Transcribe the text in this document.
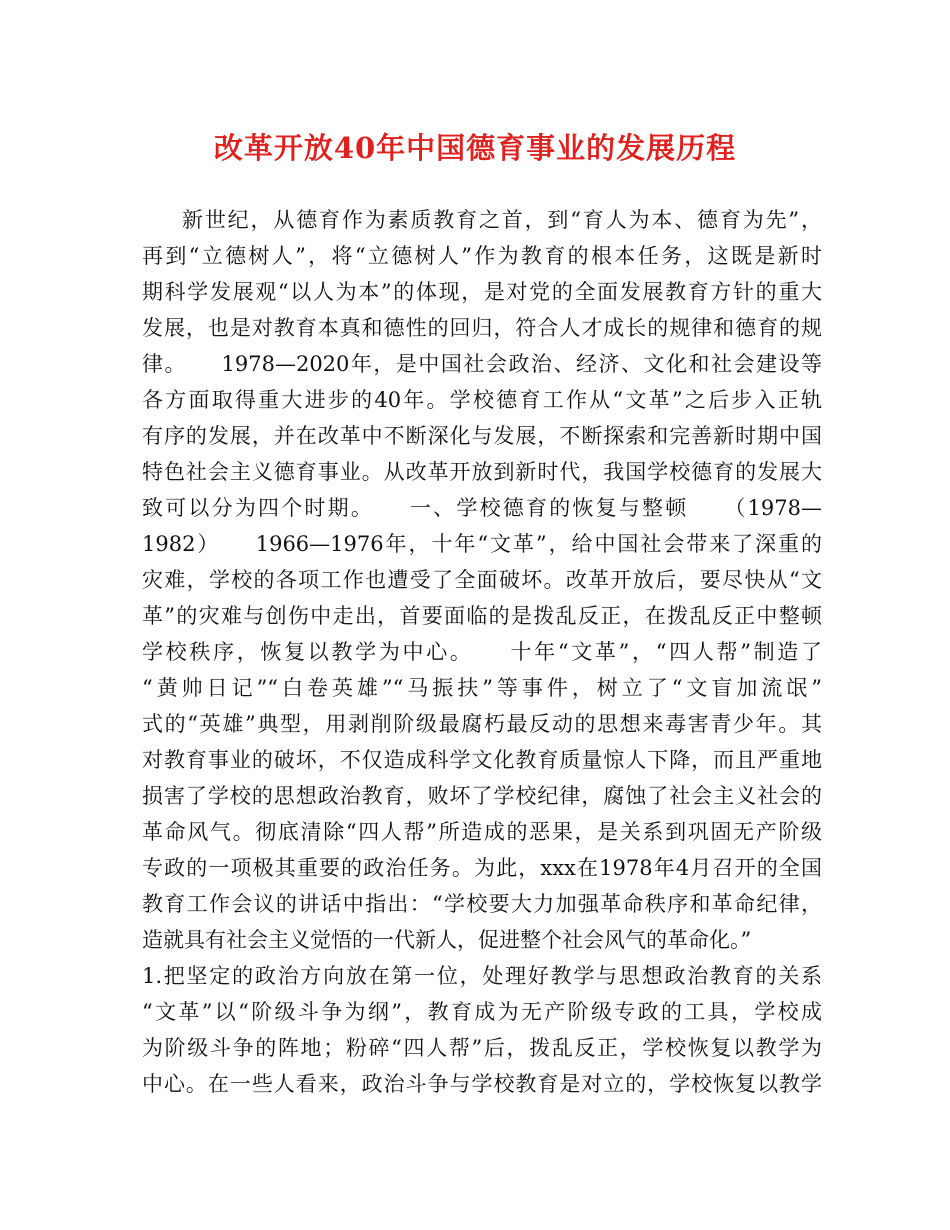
改革开放40年中国德育事业的发展历程
新世纪，从德育作为素质教育之首，到“育人为本、德育为先”，
再到“立德树人”，将“立德树人”作为教育的根本任务，这既是新时
期科学发展观“以人为本”的体现，是对党的全面发展教育方针的重大
发展，也是对教育本真和德性的回归，符合人才成长的规律和德育的规
律。　　1978—2020年，是中国社会政治、经济、文化和社会建设等
各方面取得重大进步的40年。学校德育工作从“文革”之后步入正轨
有序的发展，并在改革中不断深化与发展，不断探索和完善新时期中国
特色社会主义德育事业。从改革开放到新时代，我国学校德育的发展大
致可以分为四个时期。　　一、学校德育的恢复与整顿　　（1978—
1982）　　1966—1976年，十年“文革”，给中国社会带来了深重的
灾难，学校的各项工作也遭受了全面破坏。改革开放后，要尽快从“文
革”的灾难与创伤中走出，首要面临的是拨乱反正，在拨乱反正中整顿
学校秩序，恢复以教学为中心。　　十年“文革”，“四人帮”制造了
“黄帅日记”“白卷英雄”“马振扶”等事件，树立了“文盲加流氓”
式的“英雄”典型，用剥削阶级最腐朽最反动的思想来毒害青少年。其
对教育事业的破坏，不仅造成科学文化教育质量惊人下降，而且严重地
损害了学校的思想政治教育，败坏了学校纪律，腐蚀了社会主义社会的
革命风气。彻底清除“四人帮”所造成的恶果，是关系到巩固无产阶级
专政的一项极其重要的政治任务。为此，xxx在1978年4月召开的全国
教育工作会议的讲话中指出：“学校要大力加强革命秩序和革命纪律，
造就具有社会主义觉悟的一代新人，促进整个社会风气的革命化。”
1.把坚定的政治方向放在第一位，处理好教学与思想政治教育的关系
“文革”以“阶级斗争为纲”，教育成为无产阶级专政的工具，学校成
为阶级斗争的阵地；粉碎“四人帮”后，拨乱反正，学校恢复以教学为
中心。在一些人看来，政治斗争与学校教育是对立的，学校恢复以教学
